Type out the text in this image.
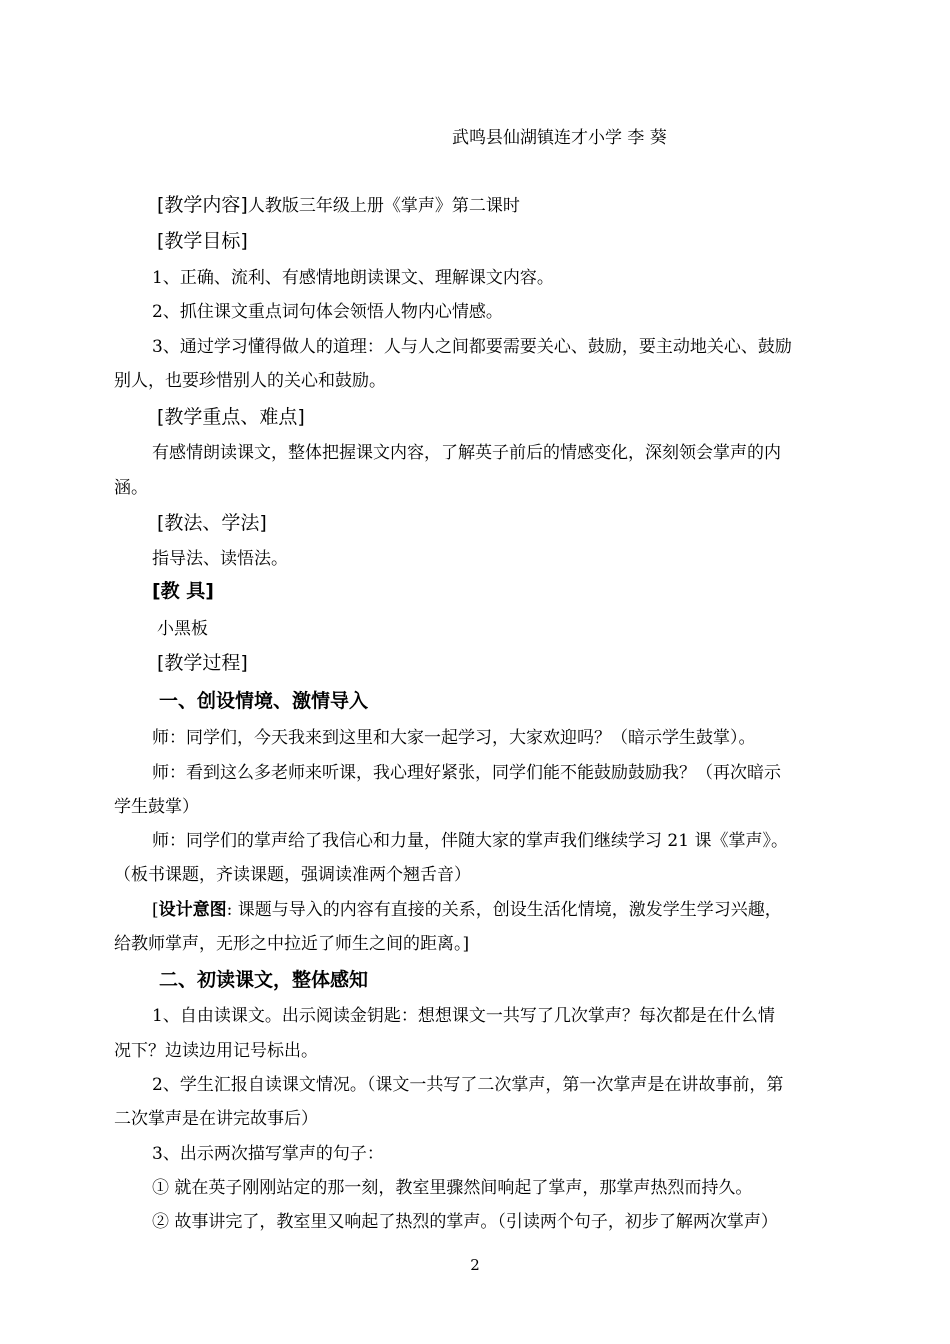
武鸣县仙湖镇连才小学 李 葵
[教学内容]人教版三年级上册《掌声》第二课时
[教学目标]
1、正确、流利、有感情地朗读课文、理解课文内容。
2、抓住课文重点词句体会领悟人物内心情感。
3、通过学习懂得做人的道理：人与人之间都要需要关心、鼓励，要主动地关心、鼓励
别人，也要珍惜别人的关心和鼓励。
[教学重点、难点]
有感情朗读课文，整体把握课文内容，了解英子前后的情感变化，深刻领会掌声的内
涵。
[教法、学法]
指导法、读悟法。
[教 具]
小黑板
[教学过程]
一、创设情境、激情导入
师：同学们，今天我来到这里和大家一起学习，大家欢迎吗？（暗示学生鼓掌）。
师：看到这么多老师来听课，我心理好紧张，同学们能不能鼓励鼓励我？（再次暗示
学生鼓掌）
师：同学们的掌声给了我信心和力量，伴随大家的掌声我们继续学习 21 课《掌声》。
（板书课题，齐读课题，强调读准两个翘舌音）
[设计意图: 课题与导入的内容有直接的关系，创设生活化情境，激发学生学习兴趣，
给教师掌声，无形之中拉近了师生之间的距离。]
二、初读课文，整体感知
1、自由读课文。出示阅读金钥匙：想想课文一共写了几次掌声？每次都是在什么情
况下？边读边用记号标出。
2、学生汇报自读课文情况。（课文一共写了二次掌声，第一次掌声是在讲故事前，第
二次掌声是在讲完故事后）
3、出示两次描写掌声的句子：
① 就在英子刚刚站定的那一刻，教室里骤然间响起了掌声，那掌声热烈而持久。
② 故事讲完了，教室里又响起了热烈的掌声。（引读两个句子，初步了解两次掌声）
2
